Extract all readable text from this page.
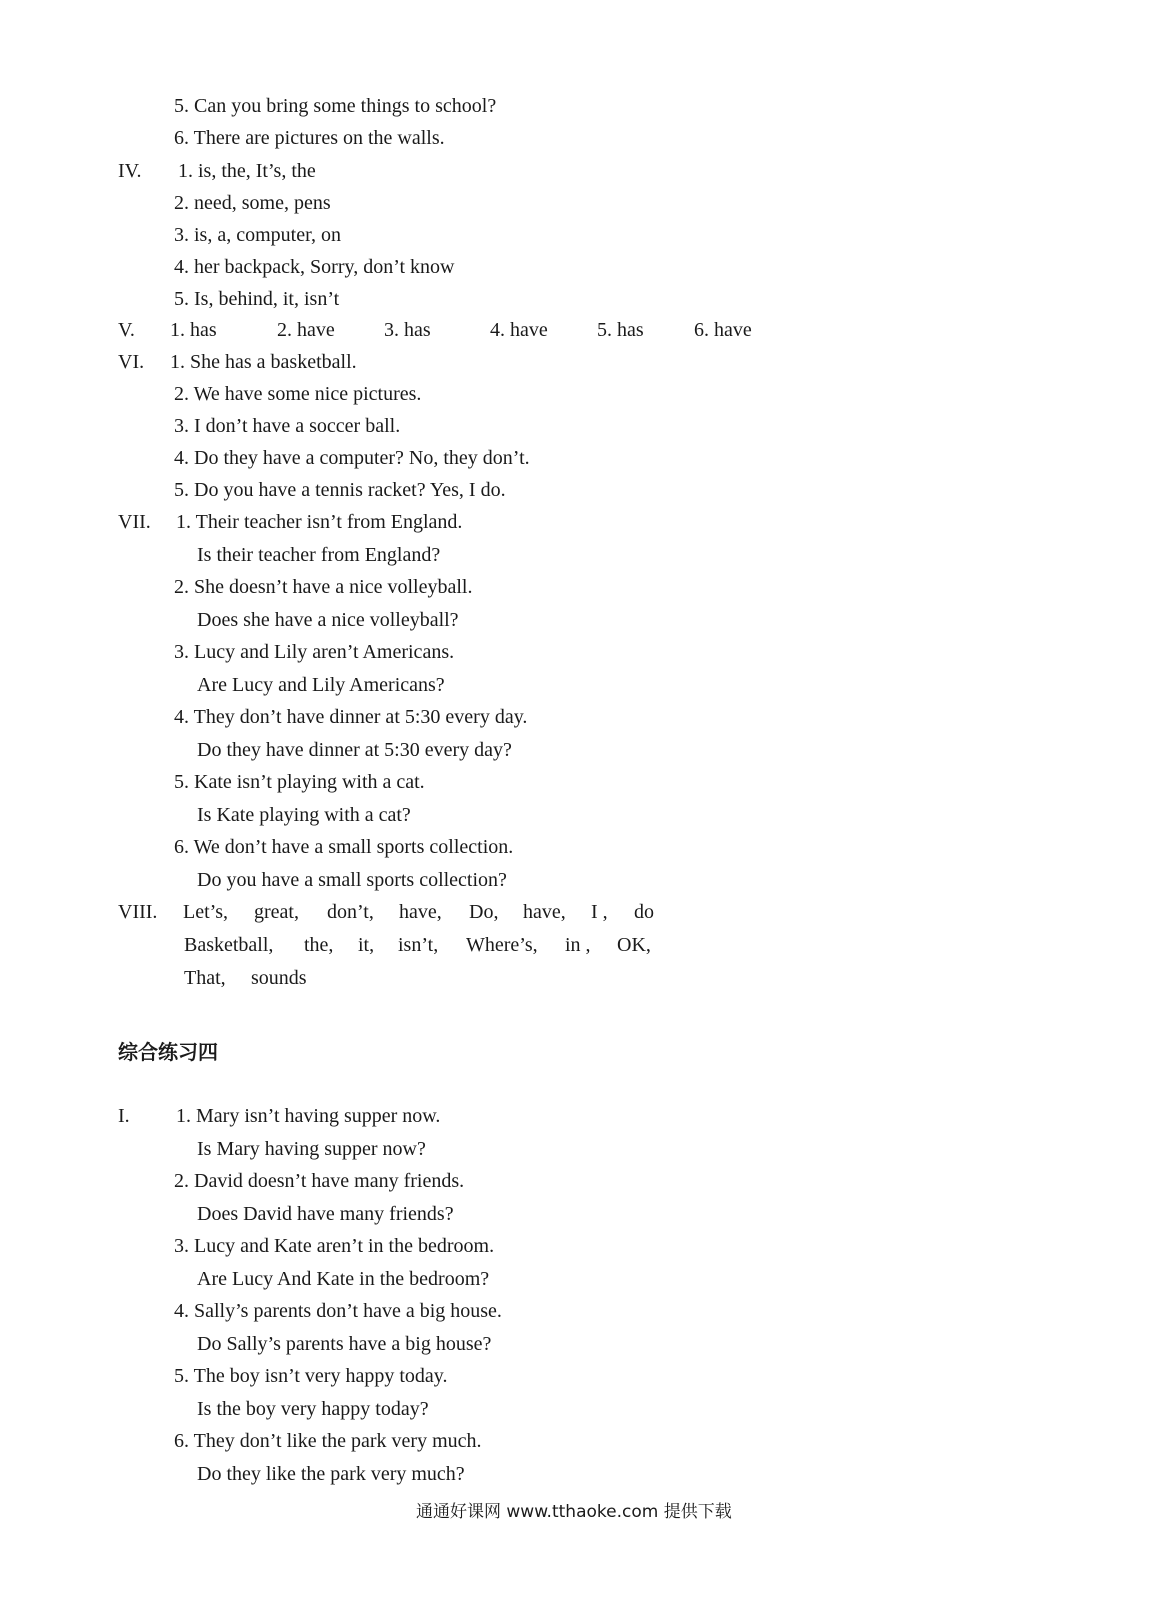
5. Can you bring some things to school?
6. There are pictures on the walls.
IV. 1. is, the, It’s, the
2. need, some, pens
3. is, a, computer, on
4. her backpack, Sorry, don’t know
5. Is, behind, it, isn’t
V. 1. has	2. have 3. has	4. have 5. has	6. have
VI. 1. She has a basketball.
2. We have some nice pictures.
3. I don’t have a soccer ball.
4. Do they have a computer? No, they don’t.
5. Do you have a tennis racket? Yes, I do.
VII. 1. Their teacher isn’t from England.
Is their teacher from England?
2. She doesn’t have a nice volleyball.
Does she have a nice volleyball?
3. Lucy and Lily aren’t Americans.
Are Lucy and Lily Americans?
4. They don’t have dinner at 5:30 every day.
Do they have dinner at 5:30 every day?
5. Kate isn’t playing with a cat.
Is Kate playing with a cat?
6. We don’t have a small sports collection.
Do you have a small sports collection?
VIII. Let’s, great, don’t, have, Do, have, I , do
Basketball, the, it, isn’t, Where’s, in , OK,
That, sounds
综合练习四
I. 1. Mary isn’t having supper now.
Is Mary having supper now?
2. David doesn’t have many friends.
Does David have many friends?
3. Lucy and Kate aren’t in the bedroom.
Are Lucy And Kate in the bedroom?
4. Sally’s parents don’t have a big house.
Do Sally’s parents have a big house?
5. The boy isn’t very happy today.
Is the boy very happy today?
6. They don’t like the park very much.
Do they like the park very much?
通通好课网 www.tthaoke.com 提供下载
